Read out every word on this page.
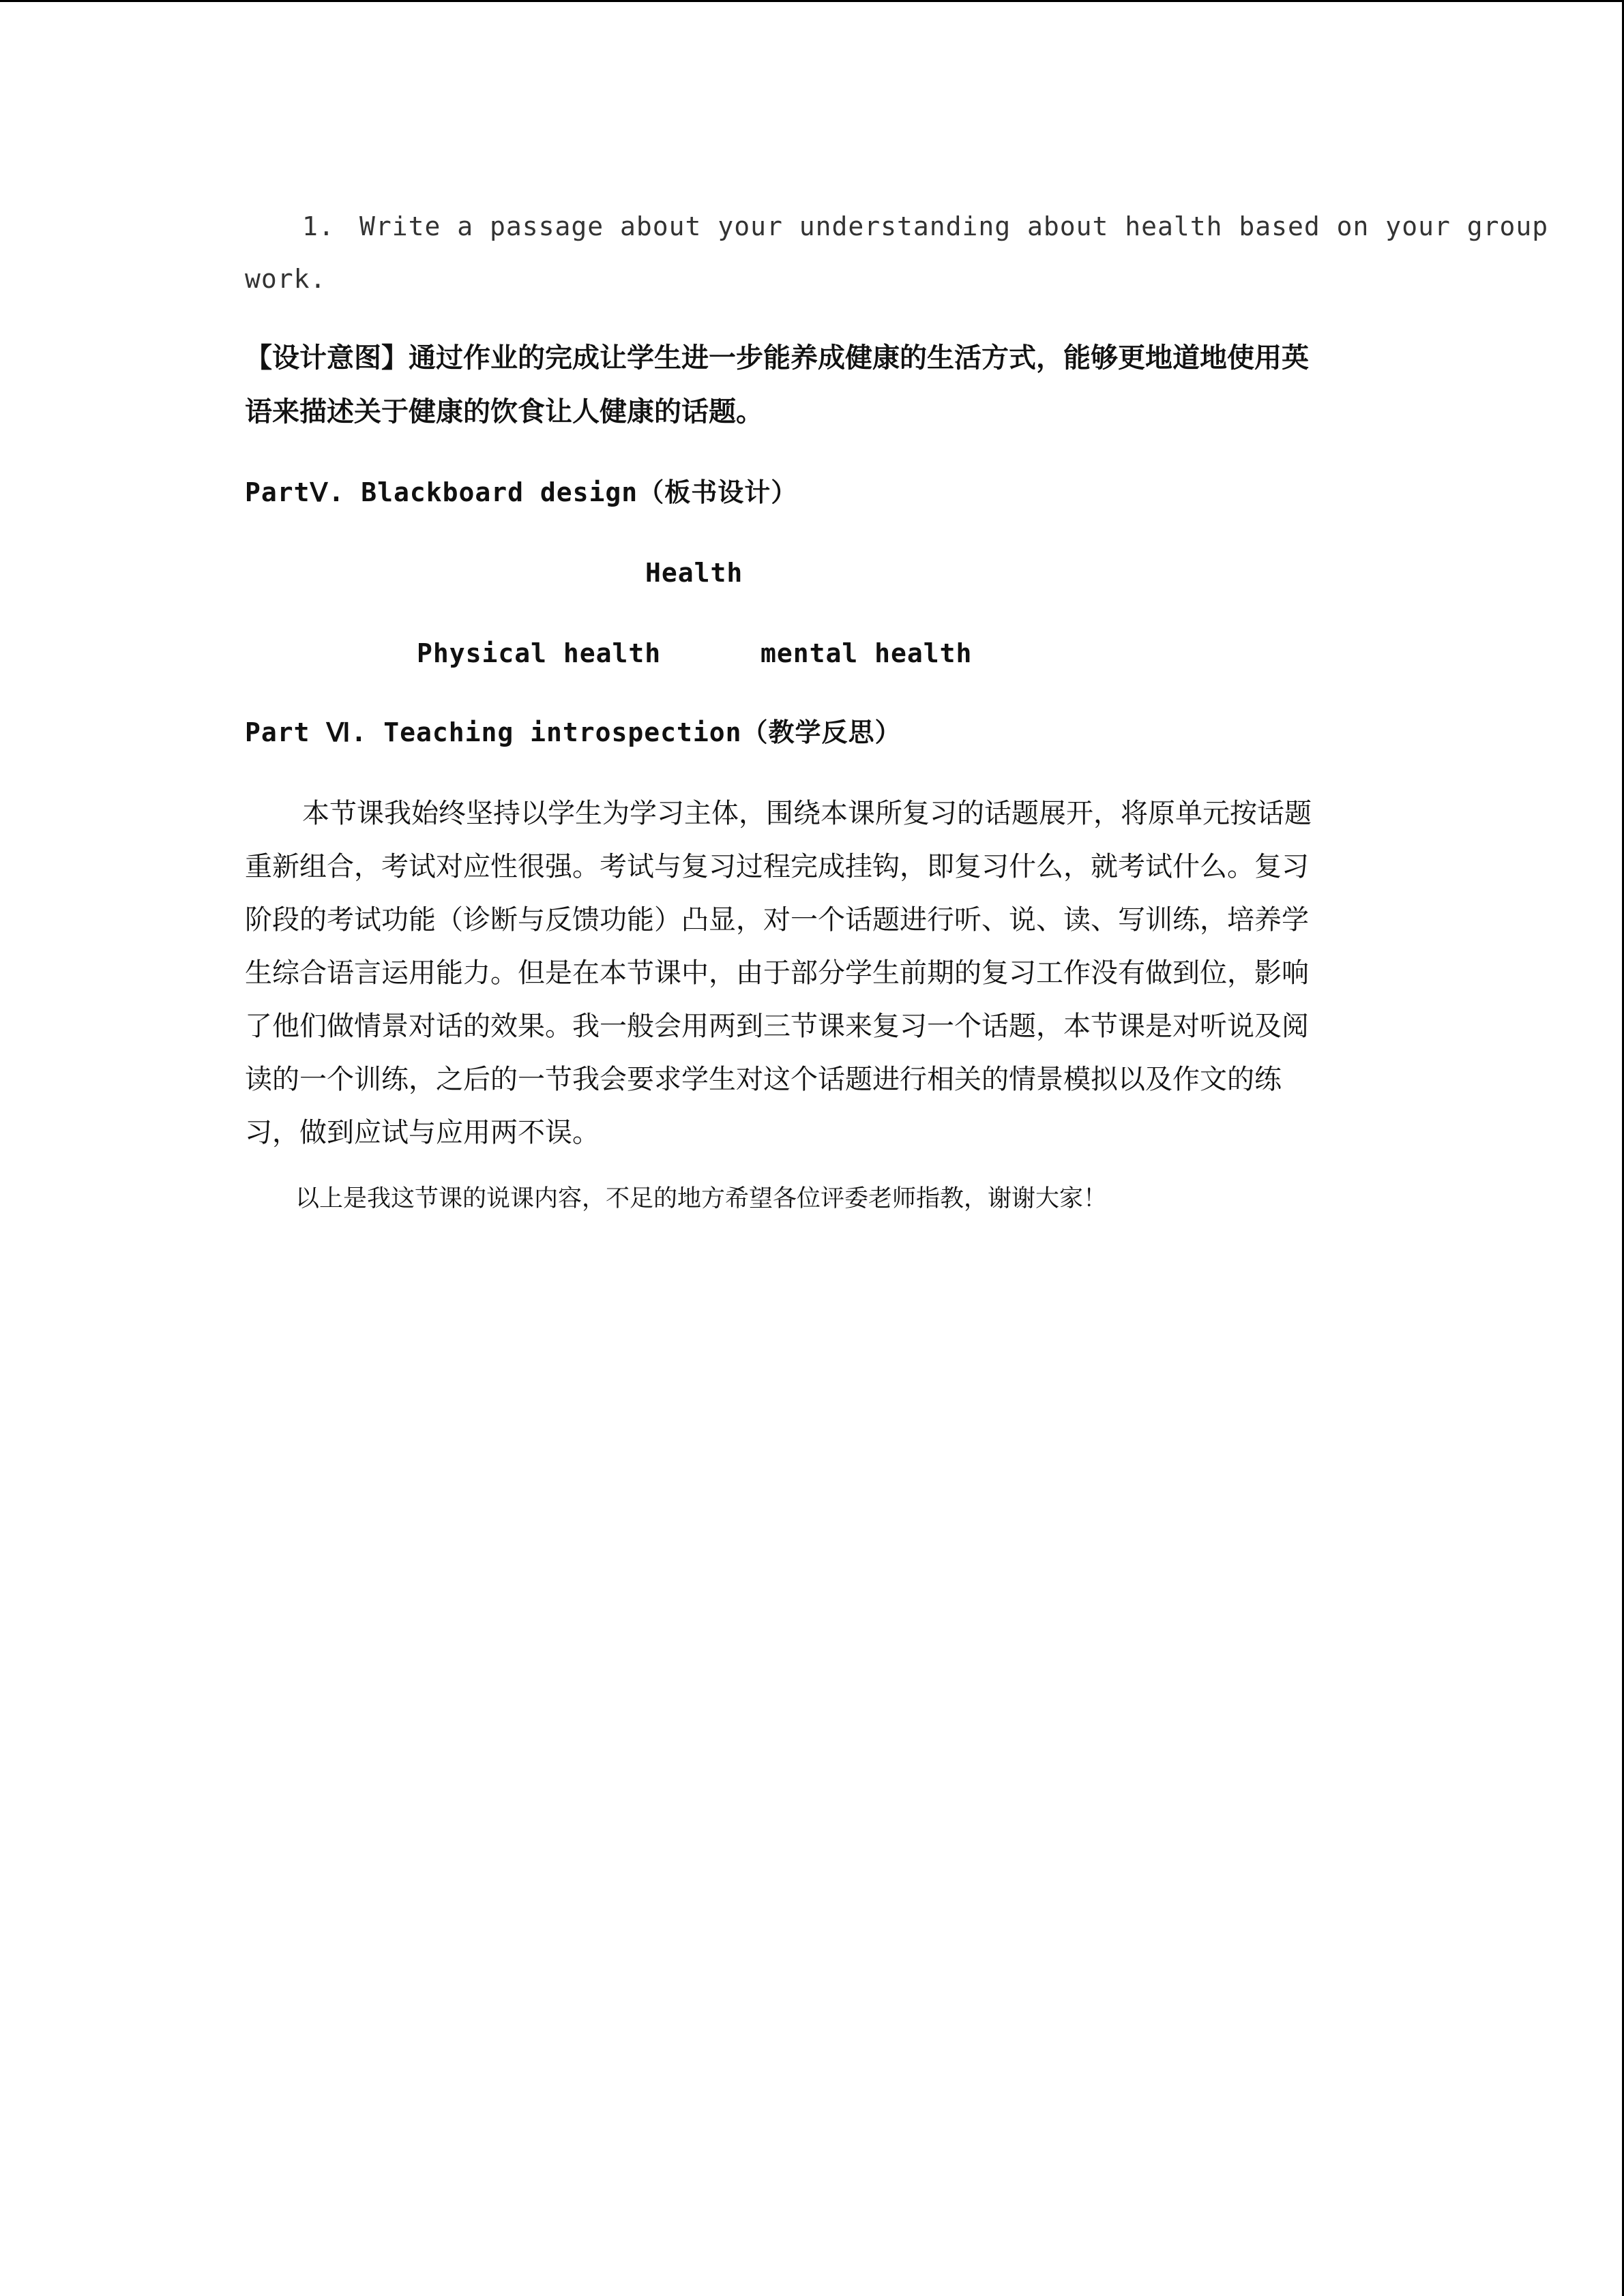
1. Write a passage about your understanding about health based on your group
work.
【设计意图】通过作业的完成让学生进一步能养成健康的生活方式，能够更地道地使用英
语来描述关于健康的饮食让人健康的话题。
PartⅤ. Blackboard design（板书设计）
Health
Physical health	mental health
Part Ⅵ. Teaching introspection（教学反思）
本节课我始终坚持以学生为学习主体，围绕本课所复习的话题展开，将原单元按话题
重新组合，考试对应性很强。考试与复习过程完成挂钩，即复习什么，就考试什么。复习
阶段的考试功能（诊断与反馈功能）凸显，对一个话题进行听、说、读、写训练，培养学
生综合语言运用能力。但是在本节课中，由于部分学生前期的复习工作没有做到位，影响
了他们做情景对话的效果。我一般会用两到三节课来复习一个话题，本节课是对听说及阅
读的一个训练，之后的一节我会要求学生对这个话题进行相关的情景模拟以及作文的练
习，做到应试与应用两不误。
以上是我这节课的说课内容，不足的地方希望各位评委老师指教，谢谢大家！
